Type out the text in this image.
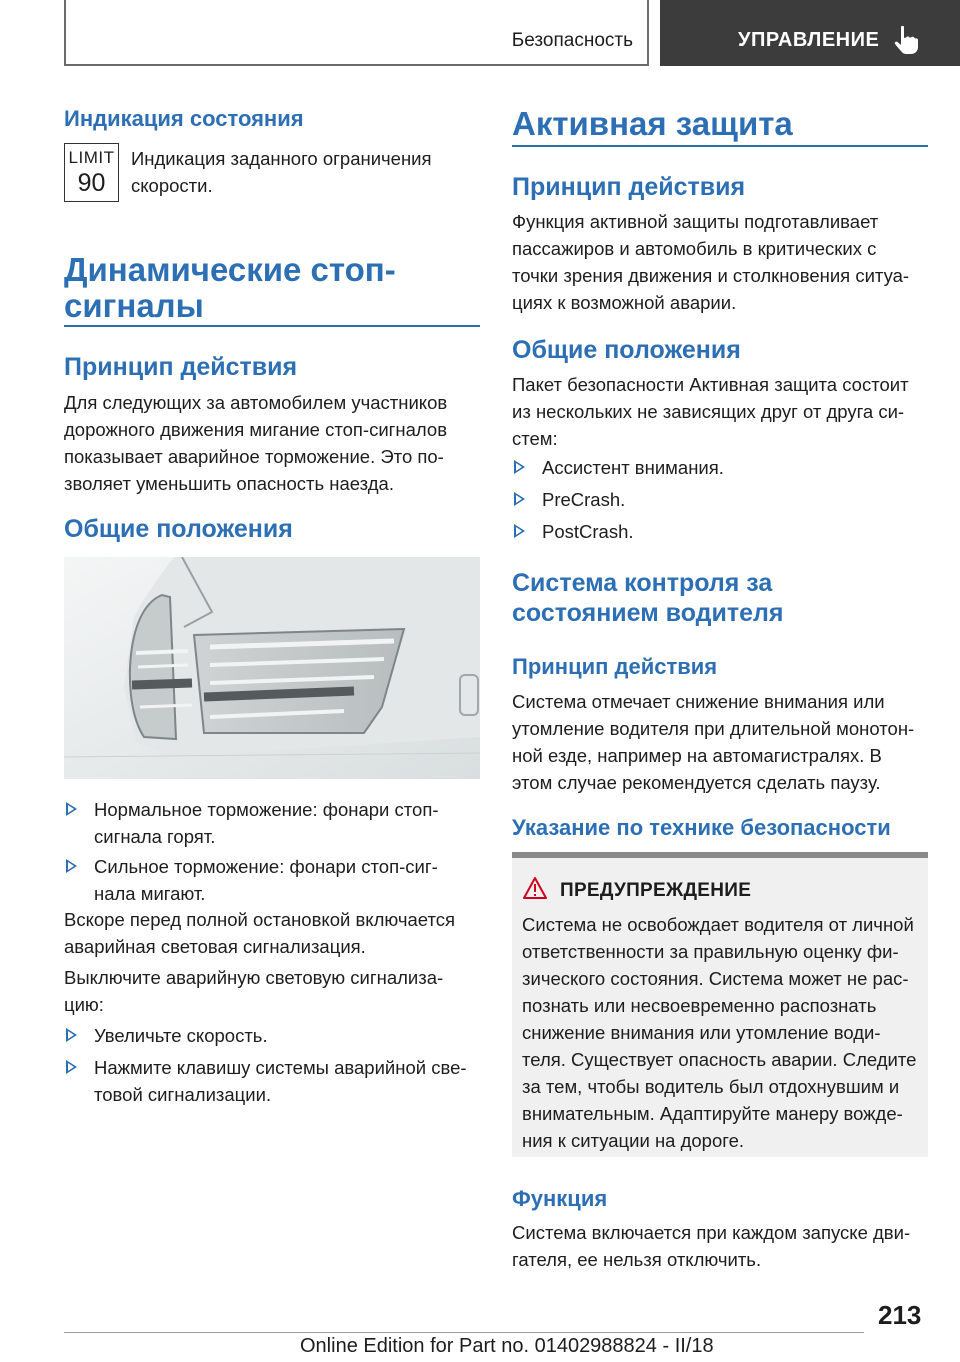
Безопасность	УПРАВЛЕНИЕ
Индикация состояния
LIMIT
90
Индикация заданного ограничения
скорости.
Динамические стоп-
сигналы
Принцип действия
Для следующих за автомобилем участников
дорожного движения мигание стоп-сигналов
показывает аварийное торможение. Это по-
зволяет уменьшить опасность наезда.
Общие положения
Нормальное торможение: фонари стоп-
сигнала горят.
Сильное торможение: фонари стоп-сиг-
нала мигают.
Вскоре перед полной остановкой включается
аварийная световая сигнализация.
Выключите аварийную световую сигнализа-
цию:
Увеличьте скорость.
Нажмите клавишу системы аварийной све-
товой сигнализации.
Активная защита
Принцип действия
Функция активной защиты подготавливает
пассажиров и автомобиль в критических с
точки зрения движения и столкновения ситуа-
циях к возможной аварии.
Общие положения
Пакет безопасности Активная защита состоит
из нескольких не зависящих друг от друга си-
стем:
Ассистент внимания.
PreCrash.
PostCrash.
Система контроля за
состоянием водителя
Принцип действия
Система отмечает снижение внимания или
утомление водителя при длительной монотон-
ной езде, например на автомагистралях. В
этом случае рекомендуется сделать паузу.
Указание по технике безопасности
ПРЕДУПРЕЖДЕНИЕ
Система не освобождает водителя от личной
ответственности за правильную оценку фи-
зического состояния. Система может не рас-
познать или несвоевременно распознать
снижение внимания или утомление води-
теля. Существует опасность аварии. Следите
за тем, чтобы водитель был отдохнувшим и
внимательным. Адаптируйте манеру вожде-
ния к ситуации на дороге.
Функция
Система включается при каждом запуске дви-
гателя, ее нельзя отключить.
213
Online Edition for Part no. 01402988824 - II/18
